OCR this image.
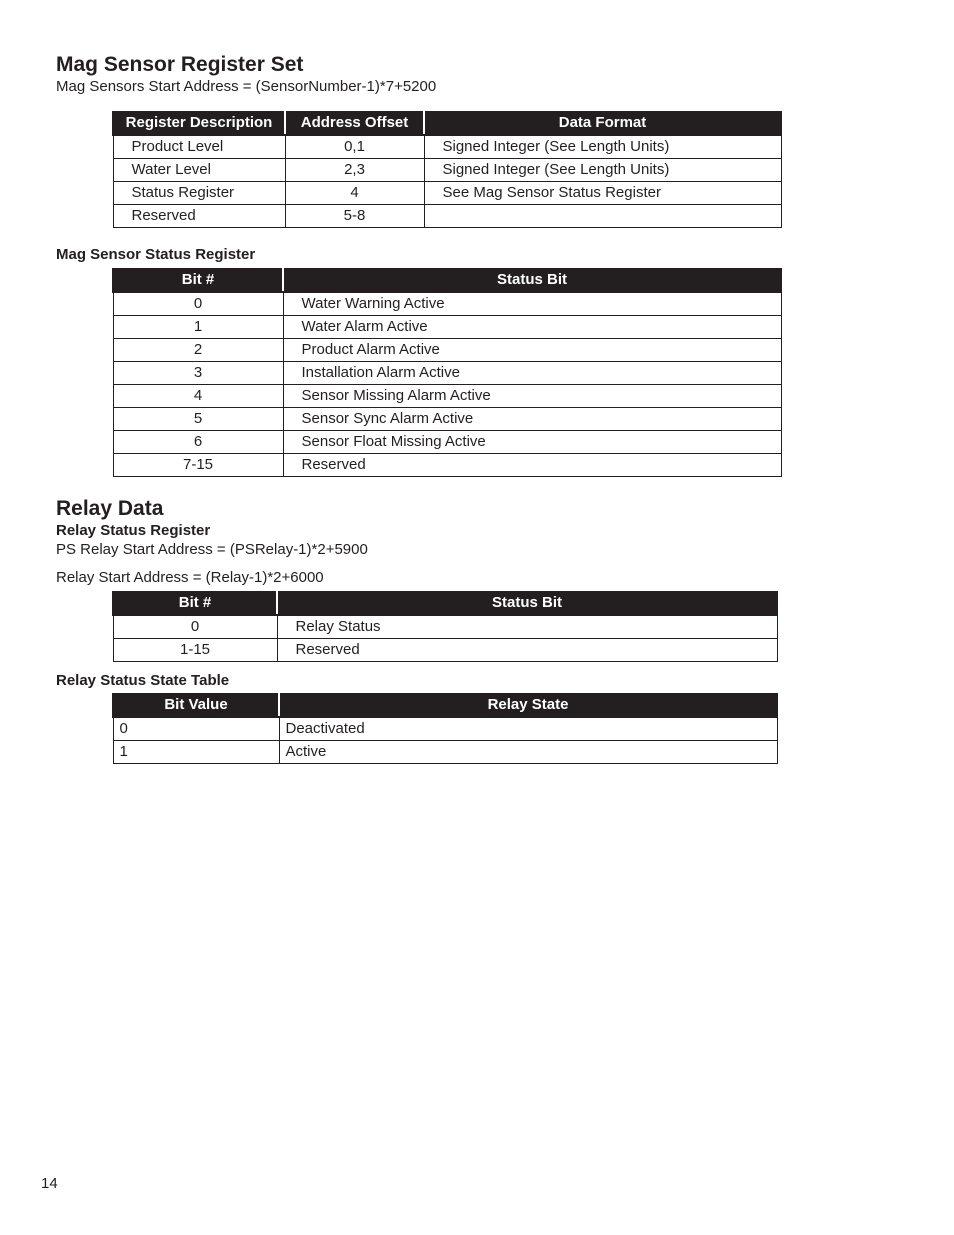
Mag Sensor Register Set
Mag Sensors Start Address = (SensorNumber-1)*7+5200
Register Description	Address Offset	Data Format
Product Level	0,1	Signed Integer (See Length Units)
Water Level	2,3	Signed Integer (See Length Units)
Status Register	4	See Mag Sensor Status Register
Reserved	5-8	
Mag Sensor Status Register
Bit #	Status Bit
0	Water Warning Active
1	Water Alarm Active
2	Product Alarm Active
3	Installation Alarm Active
4	Sensor Missing Alarm Active
5	Sensor Sync Alarm Active
6	Sensor Float Missing Active
7-15	Reserved
Relay Data
Relay Status Register
PS Relay Start Address = (PSRelay-1)*2+5900
Relay Start Address = (Relay-1)*2+6000
Bit #	Status Bit
0	Relay Status
1-15	Reserved
Relay Status State Table
Bit Value	Relay State
0	Deactivated
1	Active
14
